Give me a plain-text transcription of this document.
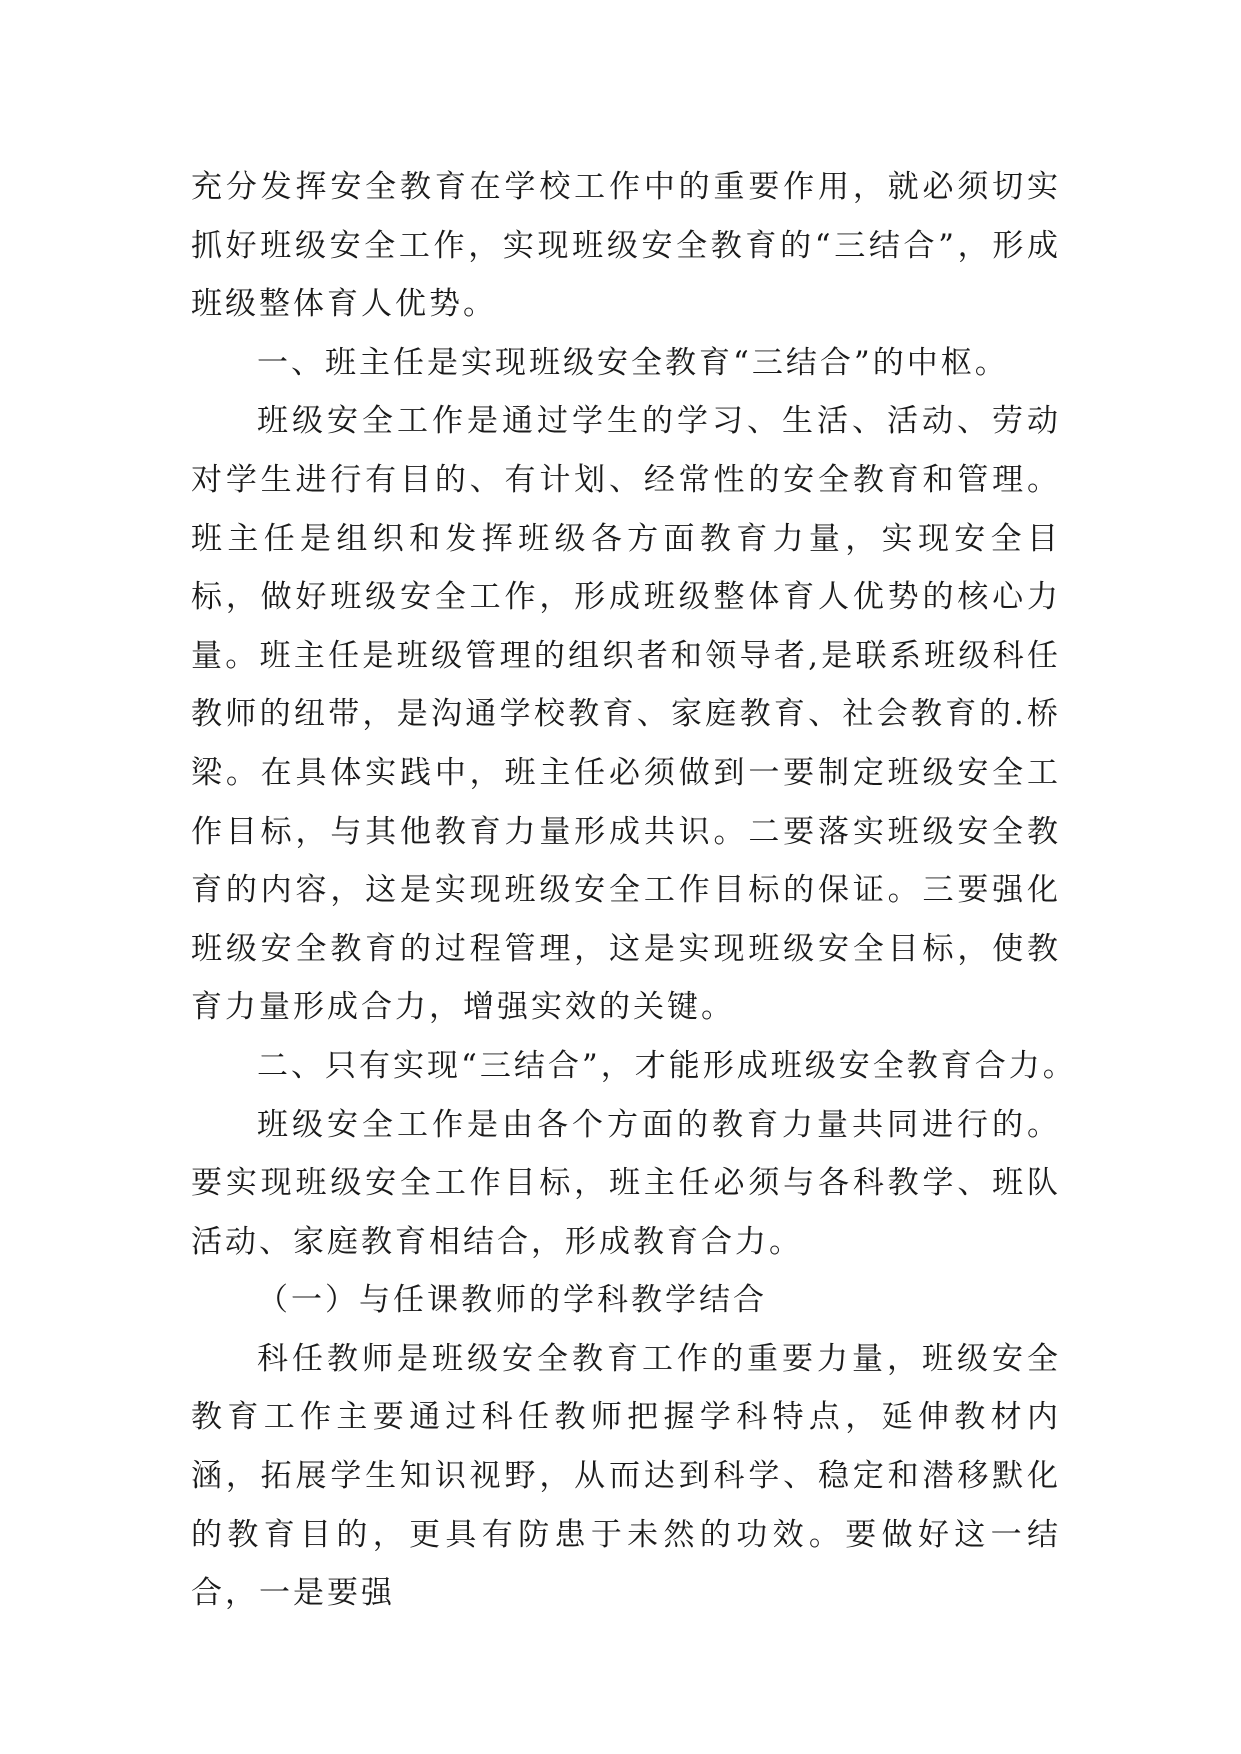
充分发挥安全教育在学校工作中的重要作用，就必须切实抓好班级安全工作，实现班级安全教育的“三结合”，形成班级整体育人优势。

一、班主任是实现班级安全教育“三结合”的中枢。

班级安全工作是通过学生的学习、生活、活动、劳动对学生进行有目的、有计划、经常性的安全教育和管理。班主任是组织和发挥班级各方面教育力量，实现安全目标，做好班级安全工作，形成班级整体育人优势的核心力量。班主任是班级管理的组织者和领导者,是联系班级科任教师的纽带，是沟通学校教育、家庭教育、社会教育的.桥梁。在具体实践中，班主任必须做到一要制定班级安全工作目标，与其他教育力量形成共识。二要落实班级安全教育的内容，这是实现班级安全工作目标的保证。三要强化班级安全教育的过程管理，这是实现班级安全目标，使教育力量形成合力，增强实效的关键。

二、只有实现“三结合”，才能形成班级安全教育合力。

班级安全工作是由各个方面的教育力量共同进行的。要实现班级安全工作目标，班主任必须与各科教学、班队活动、家庭教育相结合，形成教育合力。

（一）与任课教师的学科教学结合

科任教师是班级安全教育工作的重要力量，班级安全教育工作主要通过科任教师把握学科特点，延伸教材内涵，拓展学生知识视野，从而达到科学、稳定和潜移默化的教育目的，更具有防患于未然的功效。要做好这一结合，一是要强
